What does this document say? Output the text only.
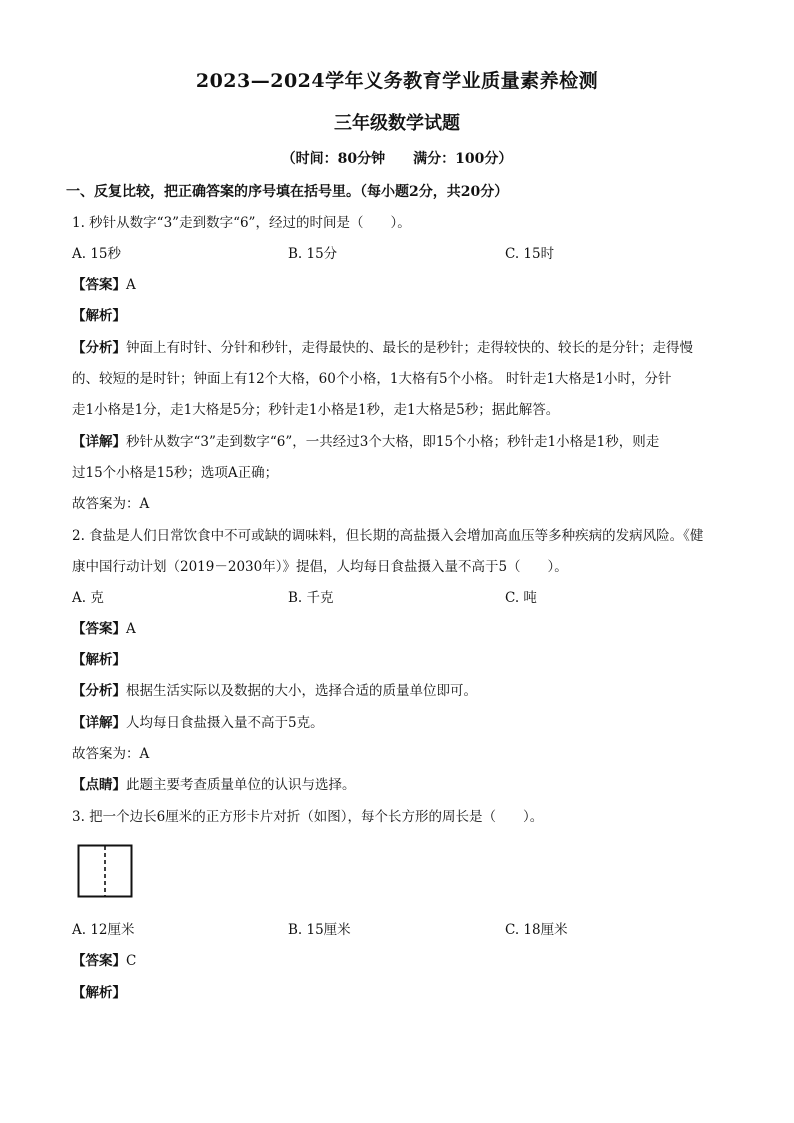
2023—2024学年义务教育学业质量素养检测
三年级数学试题
（时间：80分钟　　满分：100分）
一、反复比较，把正确答案的序号填在括号里。（每小题2分，共20分）
1. 秒针从数字“3”走到数字“6”，经过的时间是（　　）。
A. 15秒	B. 15分	C. 15时
【答案】A
【解析】
【分析】钟面上有时针、分针和秒针，走得最快的、最长的是秒针；走得较快的、较长的是分针；走得慢
的、较短的是时针；钟面上有12个大格，60个小格，1大格有5个小格。 时针走1大格是1小时，分针
走1小格是1分，走1大格是5分；秒针走1小格是1秒，走1大格是5秒；据此解答。
【详解】秒针从数字“3”走到数字“6”，一共经过3个大格，即15个小格；秒针走1小格是1秒，则走
过15个小格是15秒；选项A正确；
故答案为：A
2. 食盐是人们日常饮食中不可或缺的调味料，但长期的高盐摄入会增加高血压等多种疾病的发病风险。《健
康中国行动计划（2019－2030年）》提倡，人均每日食盐摄入量不高于5（　　）。
A. 克	B. 千克	C. 吨
【答案】A
【解析】
【分析】根据生活实际以及数据的大小，选择合适的质量单位即可。
【详解】人均每日食盐摄入量不高于5克。
故答案为：A
【点睛】此题主要考查质量单位的认识与选择。
3. 把一个边长6厘米的正方形卡片对折（如图），每个长方形的周长是（　　）。
A. 12厘米	B. 15厘米	C. 18厘米
【答案】C
【解析】
